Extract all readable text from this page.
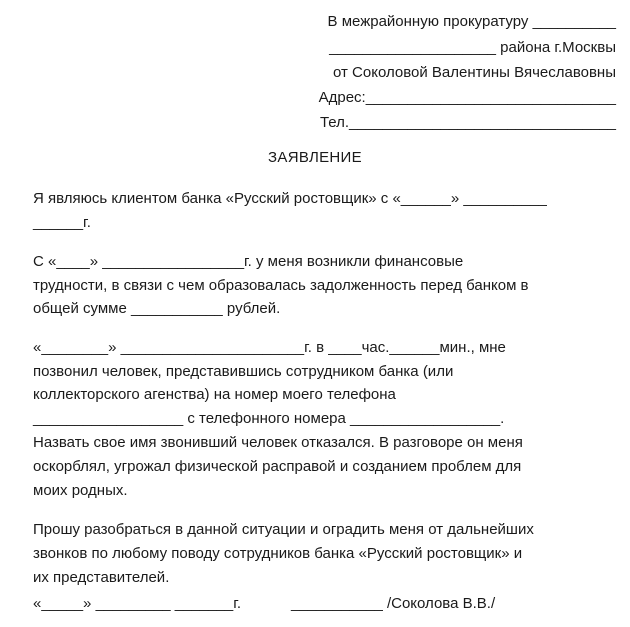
В межрайонную прокуратуру __________

____________________ района г.Москвы

от Соколовой Валентины Вячеславовны

Адрес:______________________________

Тел.________________________________

ЗАЯВЛЕНИЕ

Я являюсь клиентом банка «Русский ростовщик» с «______» __________

______г.

С «____» _________________г. у меня возникли финансовые

трудности, в связи с чем образовалась задолженность перед банком в

общей сумме ___________ рублей.

«________» ______________________г. в ____час.______мин., мне

позвонил человек, представившись сотрудником банка (или

коллекторского агенства) на номер моего телефона

__________________ с телефонного номера __________________.

Назвать свое имя звонивший человек отказался. В разговоре он меня

оскорблял, угрожал физической расправой и созданием проблем для

моих родных.

Прошу разобраться в данной ситуации и оградить меня от дальнейших

звонков по любому поводу сотрудников банка «Русский ростовщик» и

их представителей.

«_____» _________ _______г.            ___________ /Соколова В.В./
